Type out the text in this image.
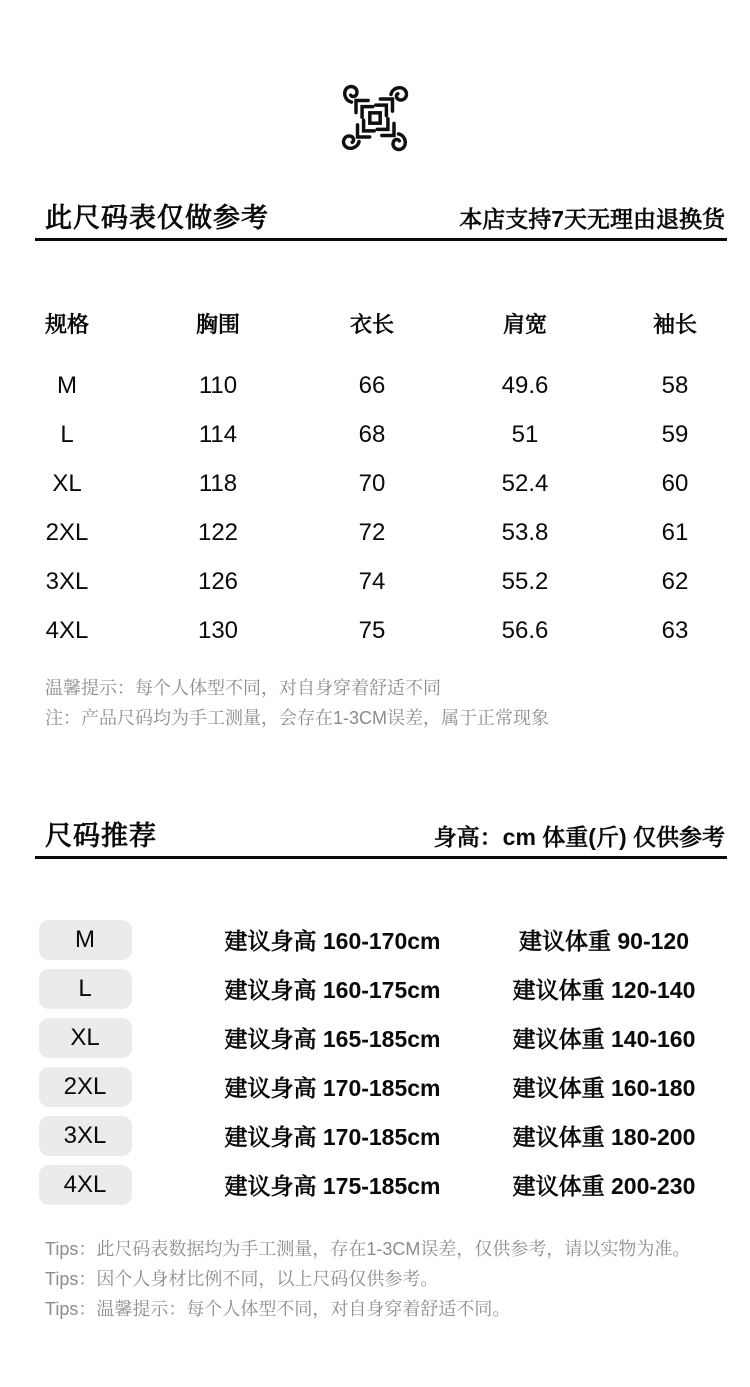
此尺码表仅做参考	本店支持7天无理由退换货
规格	胸围	衣长	肩宽	袖长
M	110	66	49.6	58
L	114	68	51	59
XL	118	70	52.4	60
2XL	122	72	53.8	61
3XL	126	74	55.2	62
4XL	130	75	56.6	63

温馨提示：每个人体型不同，对自身穿着舒适不同

注：产品尺码均为手工测量，会存在1-3CM误差，属于正常现象

尺码推荐	身高：cm 体重(斤) 仅供参考
M	建议身高 160-170cm	建议体重 90-120
L	建议身高 160-175cm	建议体重 120-140
XL	建议身高 165-185cm	建议体重 140-160
2XL	建议身高 170-185cm	建议体重 160-180
3XL	建议身高 170-185cm	建议体重 180-200
4XL	建议身高 175-185cm	建议体重 200-230

Tips：此尺码表数据均为手工测量，存在1-3CM误差，仅供参考，请以实物为准。

Tips：因个人身材比例不同，以上尺码仅供参考。

Tips：温馨提示：每个人体型不同，对自身穿着舒适不同。
